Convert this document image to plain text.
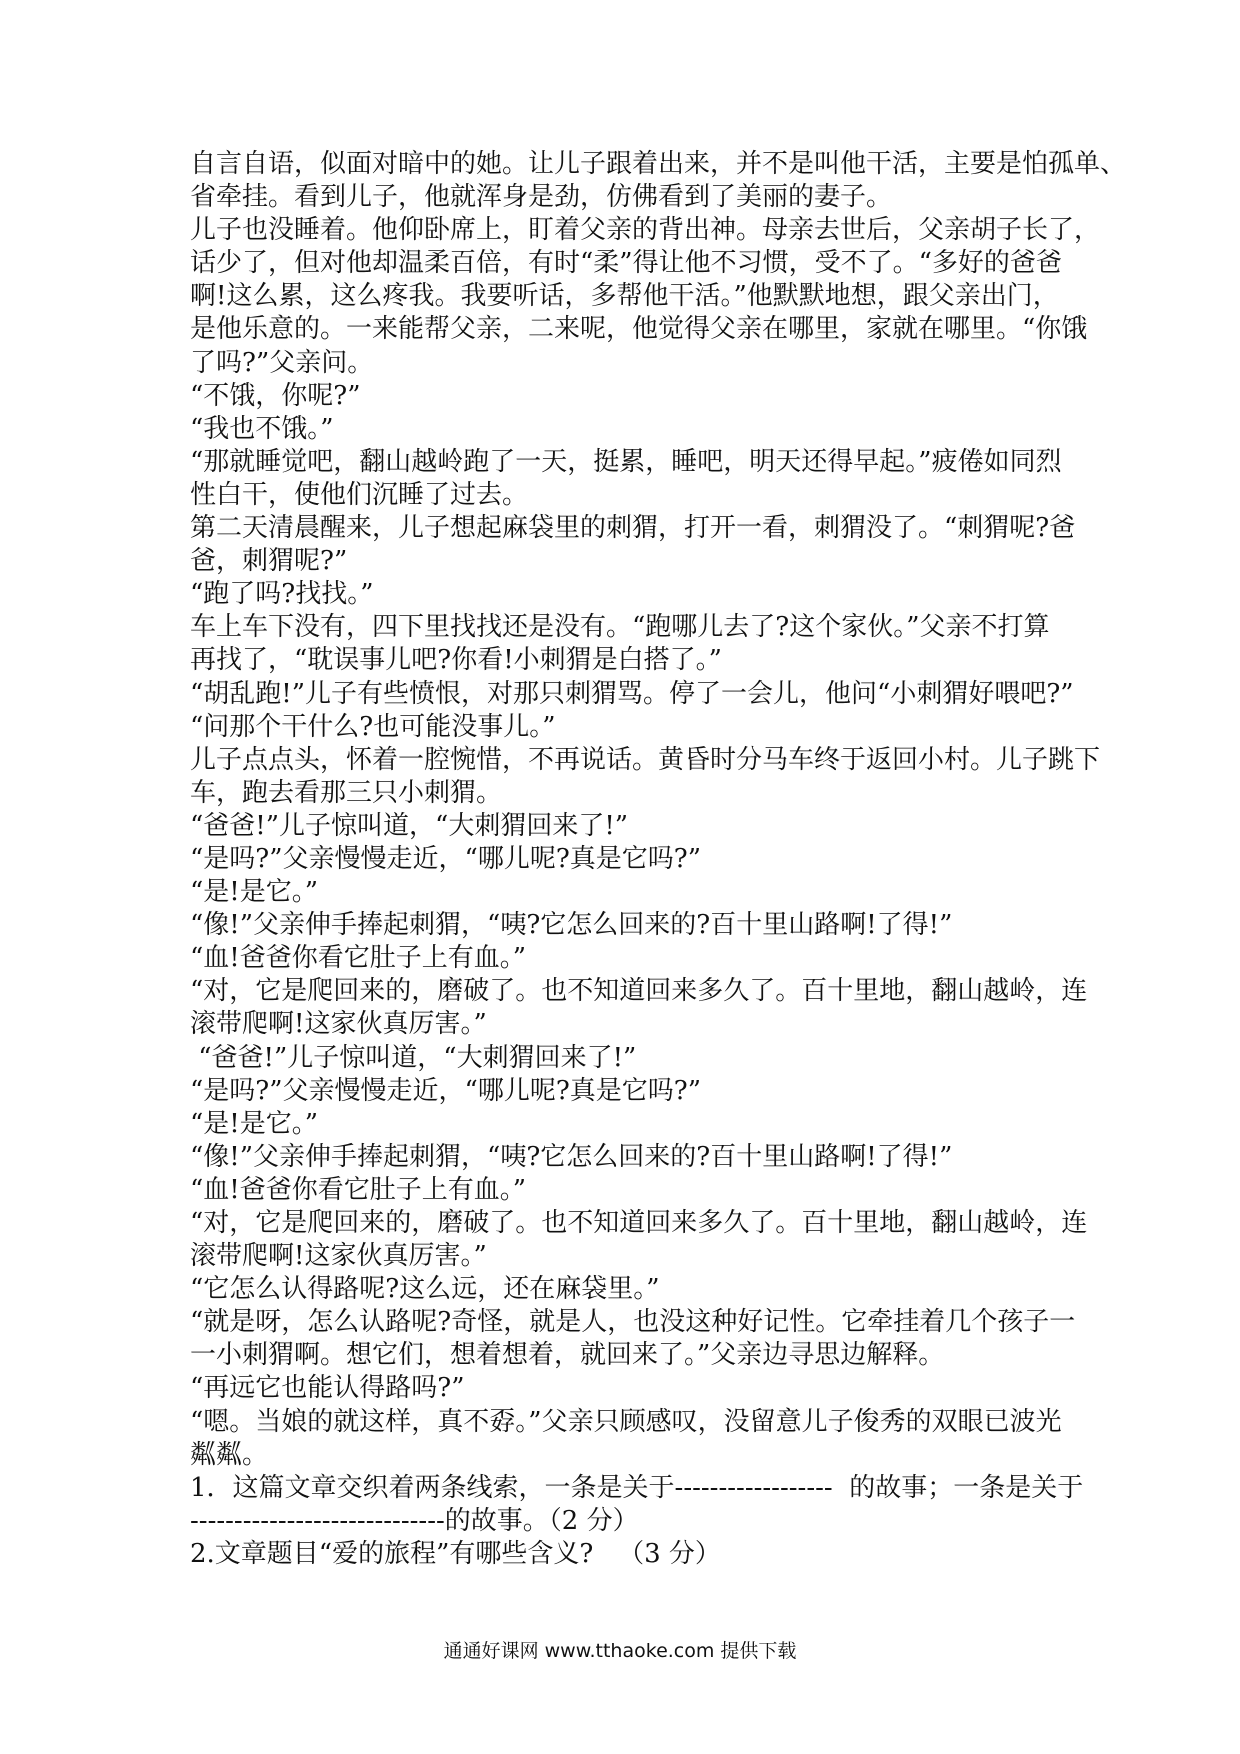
自言自语，似面对暗中的她。让儿子跟着出来，并不是叫他干活，主要是怕孤单、
省牵挂。看到儿子，他就浑身是劲，仿佛看到了美丽的妻子。
儿子也没睡着。他仰卧席上，盯着父亲的背出神。母亲去世后，父亲胡子长了，
话少了，但对他却温柔百倍，有时“柔”得让他不习惯，受不了。“多好的爸爸
啊!这么累，这么疼我。我要听话，多帮他干活。”他默默地想，跟父亲出门，
是他乐意的。一来能帮父亲，二来呢，他觉得父亲在哪里，家就在哪里。“你饿
了吗?”父亲问。
“不饿，你呢?”
“我也不饿。”
“那就睡觉吧，翻山越岭跑了一天，挺累，睡吧，明天还得早起。”疲倦如同烈
性白干，使他们沉睡了过去。
第二天清晨醒来，儿子想起麻袋里的刺猬，打开一看，刺猬没了。“刺猬呢?爸
爸，刺猬呢?”
“跑了吗?找找。”
车上车下没有，四下里找找还是没有。“跑哪儿去了?这个家伙。”父亲不打算
再找了，“耽误事儿吧?你看!小刺猬是白搭了。”
“胡乱跑!”儿子有些愤恨，对那只刺猬骂。停了一会儿，他问“小刺猬好喂吧?”
“问那个干什么?也可能没事儿。”
儿子点点头，怀着一腔惋惜，不再说话。黄昏时分马车终于返回小村。儿子跳下
车，跑去看那三只小刺猬。
“爸爸!”儿子惊叫道，“大刺猬回来了!”
“是吗?”父亲慢慢走近，“哪儿呢?真是它吗?”
“是!是它。”
“像!”父亲伸手捧起刺猬，“咦?它怎么回来的?百十里山路啊!了得!”
“血!爸爸你看它肚子上有血。”
“对，它是爬回来的，磨破了。也不知道回来多久了。百十里地，翻山越岭，连
滚带爬啊!这家伙真厉害。”
“爸爸!”儿子惊叫道，“大刺猬回来了!”
“是吗?”父亲慢慢走近，“哪儿呢?真是它吗?”
“是!是它。”
“像!”父亲伸手捧起刺猬，“咦?它怎么回来的?百十里山路啊!了得!”
“血!爸爸你看它肚子上有血。”
“对，它是爬回来的，磨破了。也不知道回来多久了。百十里地，翻山越岭，连
滚带爬啊!这家伙真厉害。”
“它怎么认得路呢?这么远，还在麻袋里。”
“就是呀，怎么认路呢?奇怪，就是人，也没这种好记性。它牵挂着几个孩子一
一小刺猬啊。想它们，想着想着，就回来了。”父亲边寻思边解释。
“再远它也能认得路吗?”
“嗯。当娘的就这样，真不孬。”父亲只顾感叹，没留意儿子俊秀的双眼已波光
粼粼。
1．这篇文章交织着两条线索，一条是关于------------------  的故事；一条是关于
-----------------------------的故事。（2 分）
2.文章题目“爱的旅程”有哪些含义?   （3 分）
通通好课网 www.tthaoke.com 提供下载
